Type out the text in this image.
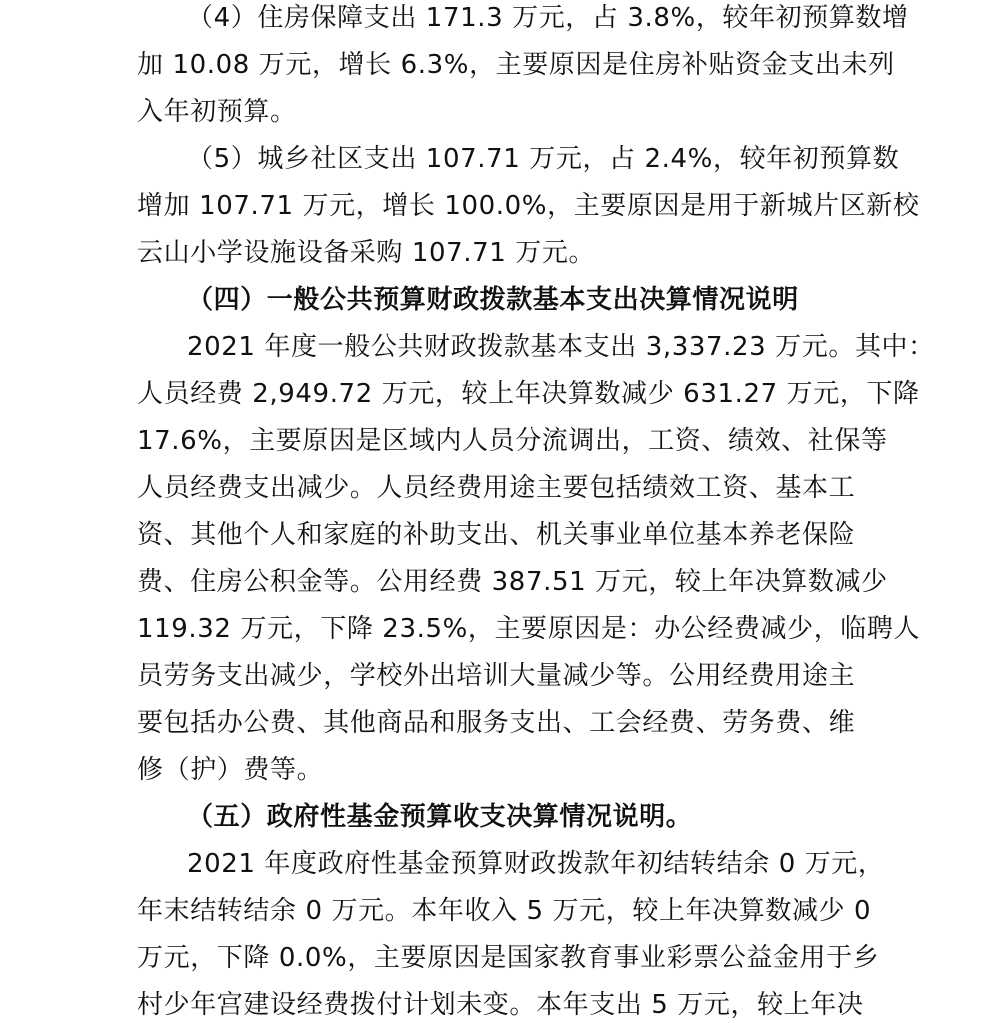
（4）住房保障支出 171.3 万元，占 3.8%，较年初预算数增
加 10.08 万元，增长 6.3%，主要原因是住房补贴资金支出未列
入年初预算。
（5）城乡社区支出 107.71 万元，占 2.4%，较年初预算数
增加 107.71 万元，增长 100.0%，主要原因是用于新城片区新校
云山小学设施设备采购 107.71 万元。
（四）一般公共预算财政拨款基本支出决算情况说明
2021 年度一般公共财政拨款基本支出 3,337.23 万元。其中：
人员经费 2,949.72 万元，较上年决算数减少 631.27 万元，下降
17.6%，主要原因是区域内人员分流调出，工资、绩效、社保等
人员经费支出减少。人员经费用途主要包括绩效工资、基本工
资、其他个人和家庭的补助支出、机关事业单位基本养老保险
费、住房公积金等。公用经费 387.51 万元，较上年决算数减少
119.32 万元，下降 23.5%，主要原因是：办公经费减少，临聘人
员劳务支出减少，学校外出培训大量减少等。公用经费用途主
要包括办公费、其他商品和服务支出、工会经费、劳务费、维
修（护）费等。
（五）政府性基金预算收支决算情况说明。
2021 年度政府性基金预算财政拨款年初结转结余 0 万元，
年末结转结余 0 万元。本年收入 5 万元，较上年决算数减少 0
万元，下降 0.0%，主要原因是国家教育事业彩票公益金用于乡
村少年宫建设经费拨付计划未变。本年支出 5 万元，较上年决
